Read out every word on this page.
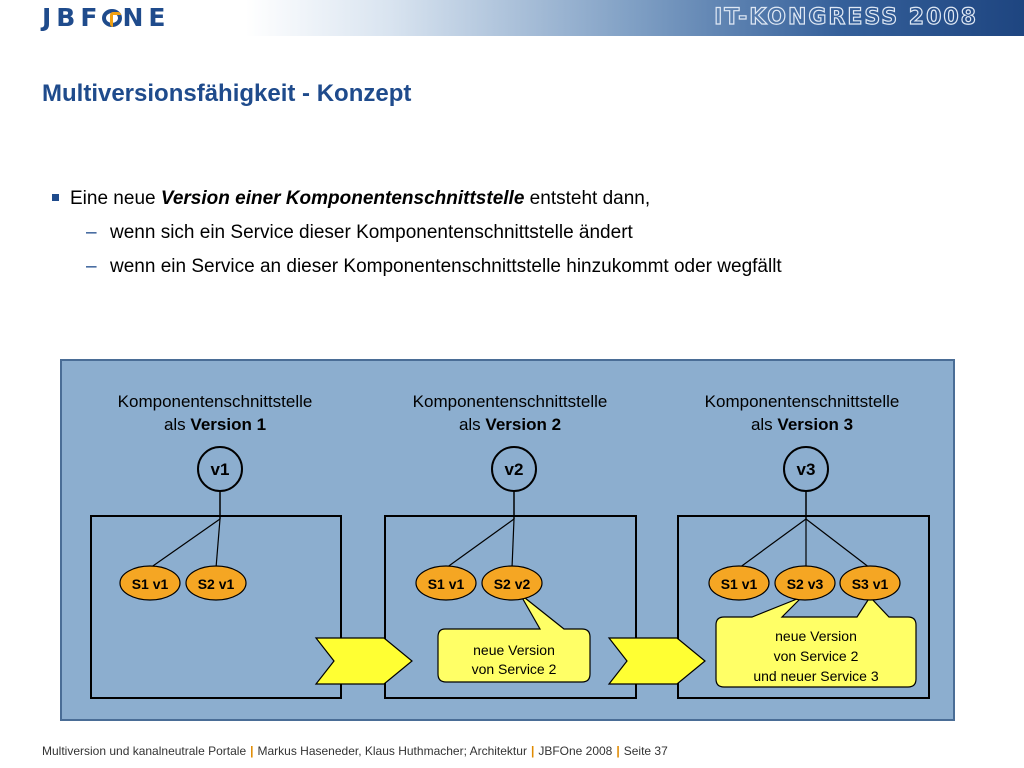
JBF NE	IT-KONGRESS 2008
Multiversionsfähigkeit - Konzept
Eine neue Version einer Komponentenschnittstelle entsteht dann,
– wenn sich ein Service dieser Komponentenschnittstelle ändert
– wenn ein Service an dieser Komponentenschnittstelle hinzukommt oder wegfällt
v1	v2	v3
neue Version
von Service 2
neue Version
von Service 2
und neuer Service 3
S1 v1 S2 v1	S1 v1 S2 v2	S1 v1 S2 v3 S3 v1
Komponentenschnittstelle
als Version 1
Komponentenschnittstelle
als Version 2
Komponentenschnittstelle
als Version 3
Multiversion und kanalneutrale Portale | Markus Haseneder, Klaus Huthmacher; Architektur | JBFOne 2008 | Seite 37
